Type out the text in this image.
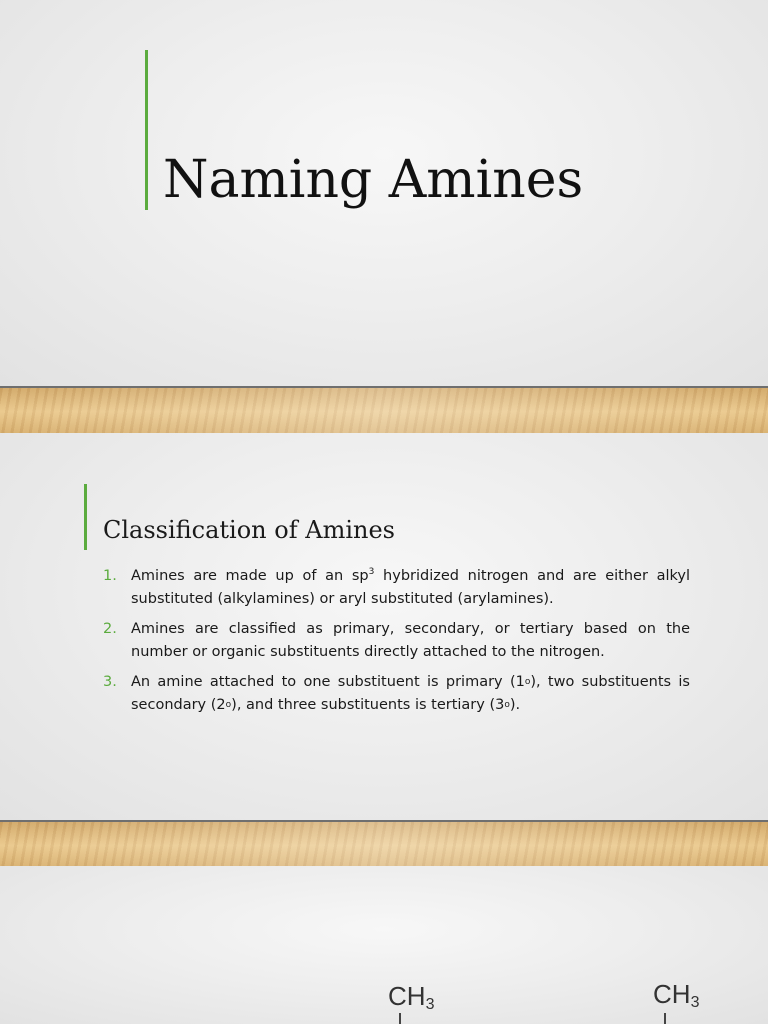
Naming Amines
Classification of Amines
1. Amines are made up of an $sp^3$ hybridized nitrogen and are either alkyl substituted (alkylamines) or aryl substituted (arylamines).
2. Amines are classified as primary, secondary, or tertiary based on the number or organic substituents directly attached to the nitrogen.
3. An amine attached to one substituent is primary (1o), two substituents is secondary (2o), and three substituents is tertiary (3o).
$CH_3$	$CH_3$
